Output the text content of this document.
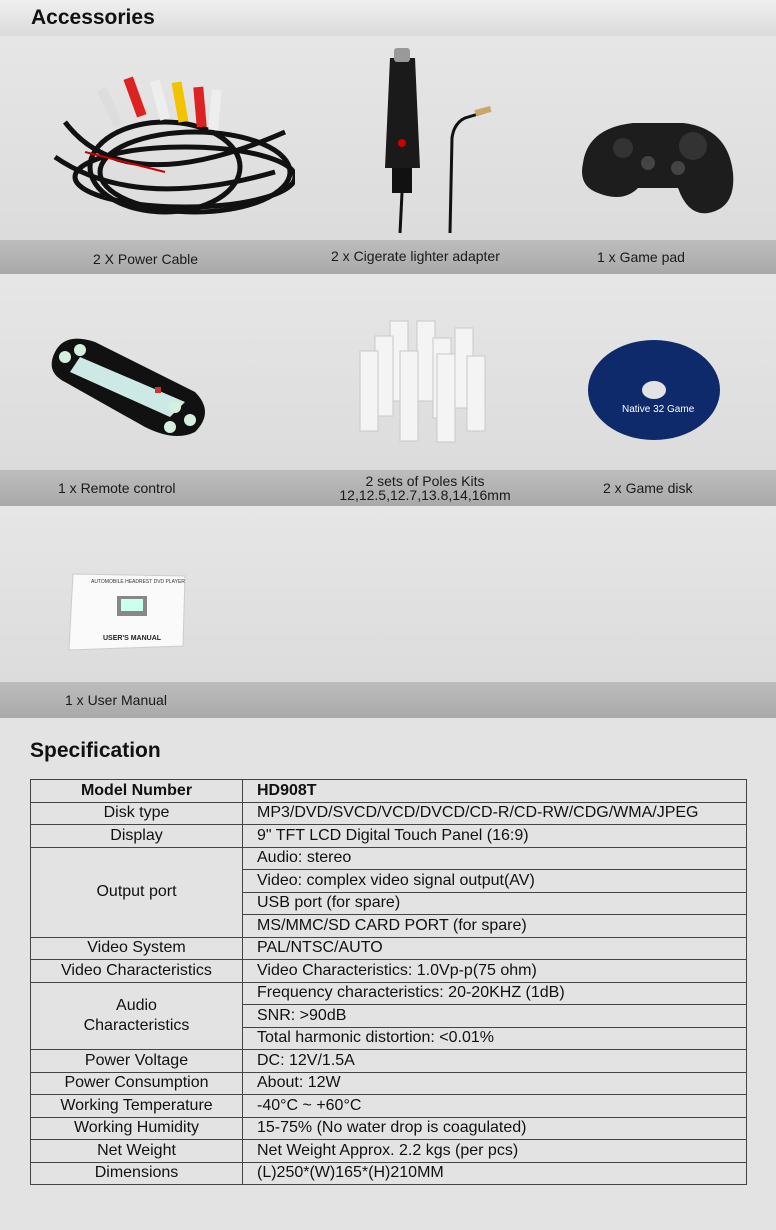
Accessories
2 X Power Cable	2 x Cigerate lighter adapter	1 x Game pad
Native 32 Game
1 x Remote control	2 sets of Poles Kits
12,12.5,12.7,13.8,14,16mm	2 x Game disk
AUTOMOBILE HEADREST DVD PLAYER
USER'S MANUAL
1 x User Manual
Specification
Model Number	HD908T
Disk type	MP3/DVD/SVCD/VCD/DVCD/CD-R/CD-RW/CDG/WMA/JPEG
Display	9" TFT LCD Digital Touch Panel (16:9)
Output port	Audio: stereo
	Video: complex video signal output(AV)
	USB port (for spare)
	MS/MMC/SD CARD PORT (for spare)
Video System	PAL/NTSC/AUTO
Video Characteristics	Video Characteristics: 1.0Vp-p(75 ohm)

Audio
Characteristics	Frequency characteristics: 20-20KHZ (1dB)
	SNR: >90dB
	Total harmonic distortion: <0.01%
Power Voltage	DC: 12V/1.5A
Power Consumption	About: 12W
Working Temperature	-40°C ~ +60°C
Working Humidity	15-75% (No water drop is coagulated)
Net Weight	Net Weight Approx. 2.2 kgs (per pcs)
Dimensions	(L)250*(W)165*(H)210MM
